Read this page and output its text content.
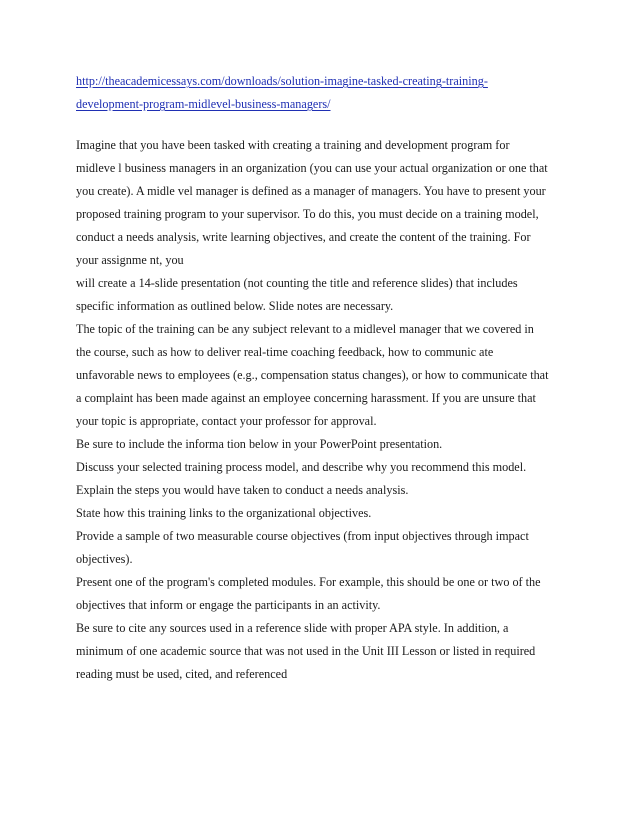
http://theacademicessays.com/downloads/solution-imagine-tasked-creating-training-
development-program-midlevel-business-managers/
Imagine that you have been tasked with creating a training and development program for
midleve l business managers in an organization (you can use your actual organization or one that
you create). A midle vel manager is defined as a manager of managers. You have to present your
proposed training program to your supervisor. To do this, you must decide on a training model,
conduct a needs analysis, write learning objectives, and create the content of the training. For
your assignme nt, you
will create a 14-slide presentation (not counting the title and reference slides) that includes
specific information as outlined below. Slide notes are necessary.
The topic of the training can be any subject relevant to a midlevel manager that we covered in
the course, such as how to deliver real-time coaching feedback, how to communic ate
unfavorable news to employees (e.g., compensation status changes), or how to communicate that
a complaint has been made against an employee concerning harassment. If you are unsure that
your topic is appropriate, contact your professor for approval.
Be sure to include the informa tion below in your PowerPoint presentation.
Discuss your selected training process model, and describe why you recommend this model.
Explain the steps you would have taken to conduct a needs analysis.
State how this training links to the organizational objectives.
Provide a sample of two measurable course objectives (from input objectives through impact
objectives).
Present one of the program's completed modules. For example, this should be one or two of the
objectives that inform or engage the participants in an activity.
Be sure to cite any sources used in a reference slide with proper APA style. In addition, a
minimum of one academic source that was not used in the Unit III Lesson or listed in required
reading must be used, cited, and referenced
